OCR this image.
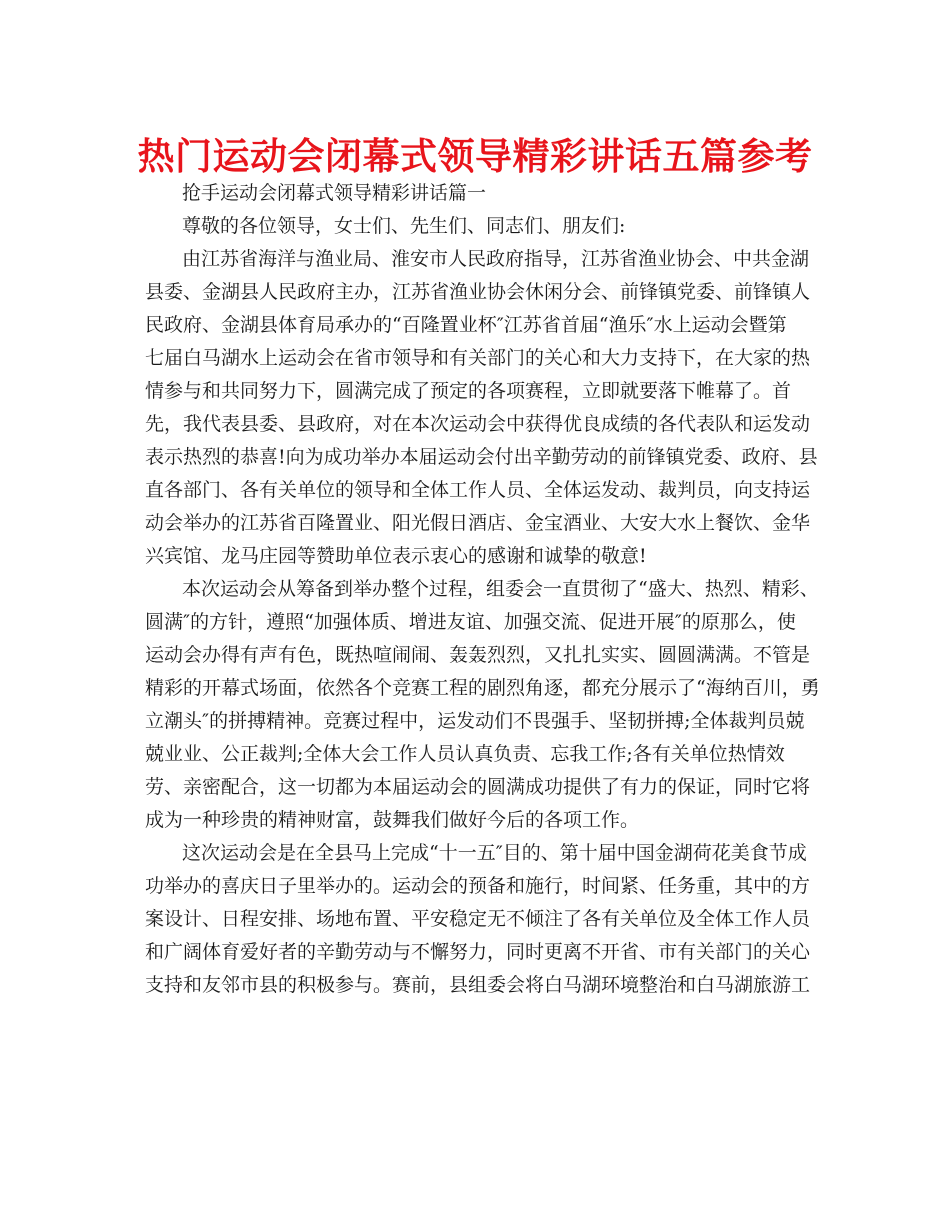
热门运动会闭幕式领导精彩讲话五篇参考

抢手运动会闭幕式领导精彩讲话篇一

尊敬的各位领导，女士们、先生们、同志们、朋友们:

由江苏省海洋与渔业局、淮安市人民政府指导，江苏省渔业协会、中共金湖
县委、金湖县人民政府主办，江苏省渔业协会休闲分会、前锋镇党委、前锋镇人
民政府、金湖县体育局承办的“百隆置业杯″江苏省首届“渔乐″水上运动会暨第
七届白马湖水上运动会在省市领导和有关部门的关心和大力支持下，在大家的热
情参与和共同努力下，圆满完成了预定的各项赛程，立即就要落下帷幕了。首
先，我代表县委、县政府，对在本次运动会中获得优良成绩的各代表队和运发动
表示热烈的恭喜!向为成功举办本届运动会付出辛勤劳动的前锋镇党委、政府、县
直各部门、各有关单位的领导和全体工作人员、全体运发动、裁判员，向支持运
动会举办的江苏省百隆置业、阳光假日酒店、金宝酒业、大安大水上餐饮、金华
兴宾馆、龙马庄园等赞助单位表示衷心的感谢和诚挚的敬意!

本次运动会从筹备到举办整个过程，组委会一直贯彻了“盛大、热烈、精彩、
圆满″的方针，遵照“加强体质、增进友谊、加强交流、促进开展″的原那么，使
运动会办得有声有色，既热喧闹闹、轰轰烈烈，又扎扎实实、圆圆满满。不管是
精彩的开幕式场面，依然各个竞赛工程的剧烈角逐，都充分展示了“海纳百川，勇
立潮头″的拼搏精神。竞赛过程中，运发动们不畏强手、坚韧拼搏;全体裁判员兢
兢业业、公正裁判;全体大会工作人员认真负责、忘我工作;各有关单位热情效
劳、亲密配合，这一切都为本届运动会的圆满成功提供了有力的保证，同时它将
成为一种珍贵的精神财富，鼓舞我们做好今后的各项工作。

这次运动会是在全县马上完成“十一五″目的、第十届中国金湖荷花美食节成
功举办的喜庆日子里举办的。运动会的预备和施行，时间紧、任务重，其中的方
案设计、日程安排、场地布置、平安稳定无不倾注了各有关单位及全体工作人员
和广阔体育爱好者的辛勤劳动与不懈努力，同时更离不开省、市有关部门的关心
支持和友邻市县的积极参与。赛前，县组委会将白马湖环境整治和白马湖旅游工
